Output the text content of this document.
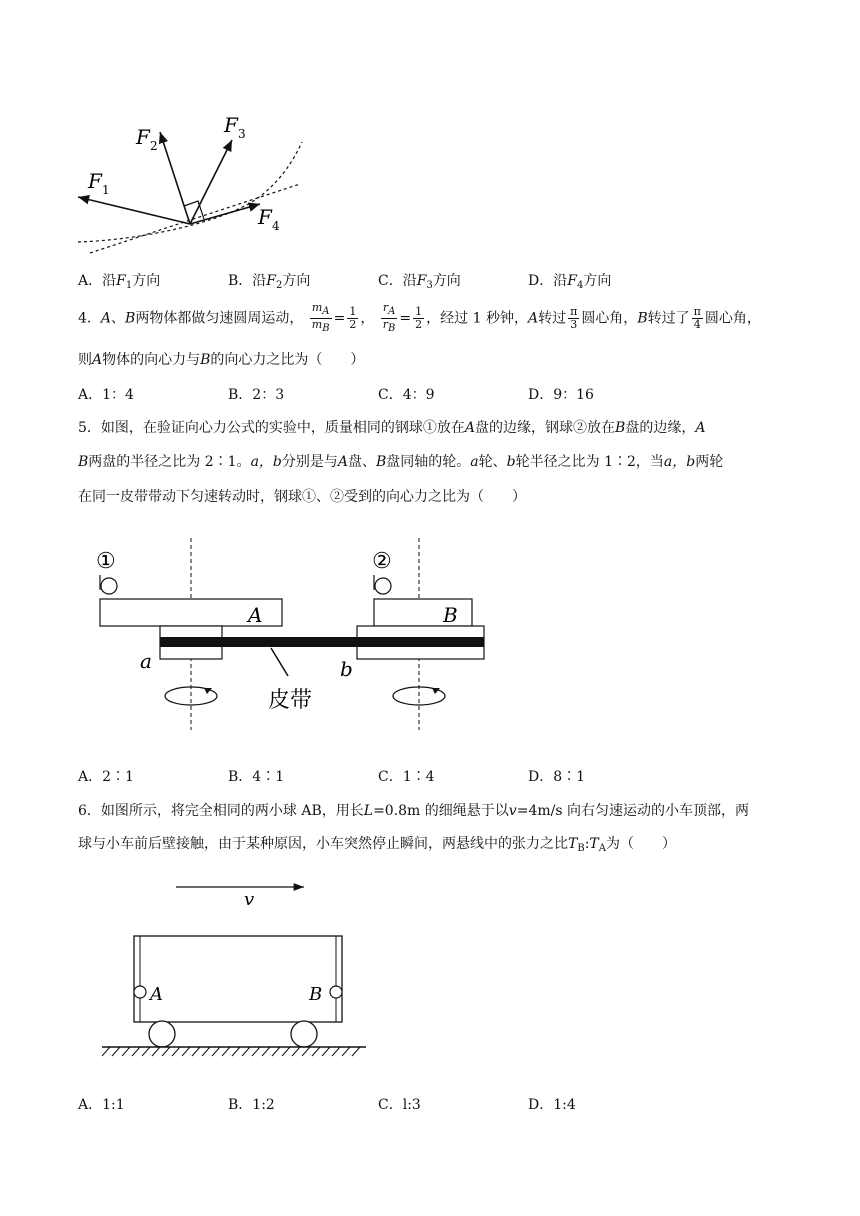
F 1
F 2
F 3
F 4
A．沿$F_1$方向	B．沿$F_2$方向	C．沿$F_3$方向	D．沿$F_4$方向
4．A、B两物体都做匀速圆周运动， $\frac{mA}{mB} = \frac{1}{2}$ ， $\frac{rA}{rB} = \frac{1}{2}$ ，经过 1 秒钟，A转过 $\frac{\pi}{3}$ 圆心角，B转过了 $\frac{\pi}{4}$ 圆心角，
则A物体的向心力与B的向心力之比为（　　）
A．1：4	B．2：3	C．4：9	D．9：16
5．如图，在验证向心力公式的实验中，质量相同的钢球①放在A盘的边缘，钢球②放在B盘的边缘，A
B两盘的半径之比为 2∶1。a，b分别是与A盘、B盘同轴的轮。a轮、b轮半径之比为 1∶2，当a，b两轮
在同一皮带带动下匀速转动时，钢球①、②受到的向心力之比为（　　）
①	②
A	B
a	b
皮带
A．2∶1	B．4∶1	C．1∶4	D．8∶1
6．如图所示，将完全相同的两小球 AB，用长L=0.8m 的细绳悬于以v=4m/s 向右匀速运动的小车顶部，两
球与小车前后壁接触，由于某种原因，小车突然停止瞬间，两悬线中的张力之比$T_B:T_A$为（　　）
v
A	B
A．1:1	B．1:2	C．l:3	D．1:4
